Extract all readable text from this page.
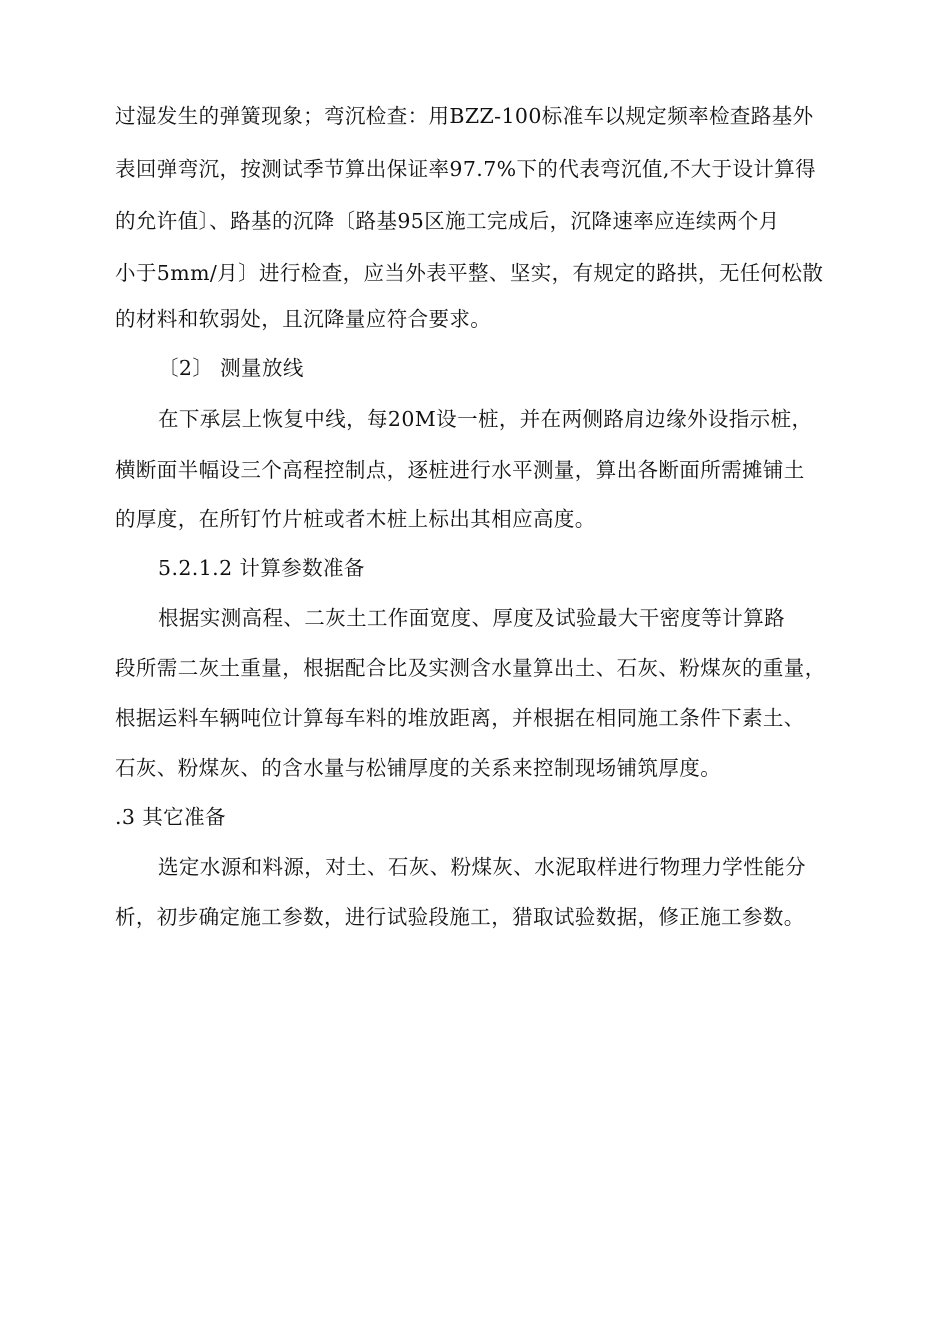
过湿发生的弹簧现象；弯沉检查：用BZZ-100标准车以规定频率检查路基外
表回弹弯沉，按测试季节算出保证率97.7%下的代表弯沉值,不大于设计算得
的允许值〕、路基的沉降〔路基95区施工完成后，沉降速率应连续两个月
小于5mm/月〕进行检查，应当外表平整、坚实，有规定的路拱，无任何松散
的材料和软弱处，且沉降量应符合要求。
〔2〕 测量放线
在下承层上恢复中线，每20M设一桩，并在两侧路肩边缘外设指示桩，
横断面半幅设三个高程控制点，逐桩进行水平测量，算出各断面所需摊铺土
的厚度，在所钉竹片桩或者木桩上标出其相应高度。
5.2.1.2 计算参数准备
根据实测高程、二灰土工作面宽度、厚度及试验最大干密度等计算路
段所需二灰土重量，根据配合比及实测含水量算出土、石灰、粉煤灰的重量，
根据运料车辆吨位计算每车料的堆放距离，并根据在相同施工条件下素土、
石灰、粉煤灰、的含水量与松铺厚度的关系来控制现场铺筑厚度。
.3 其它准备
选定水源和料源，对土、石灰、粉煤灰、水泥取样进行物理力学性能分
析，初步确定施工参数，进行试验段施工，猎取试验数据，修正施工参数。
